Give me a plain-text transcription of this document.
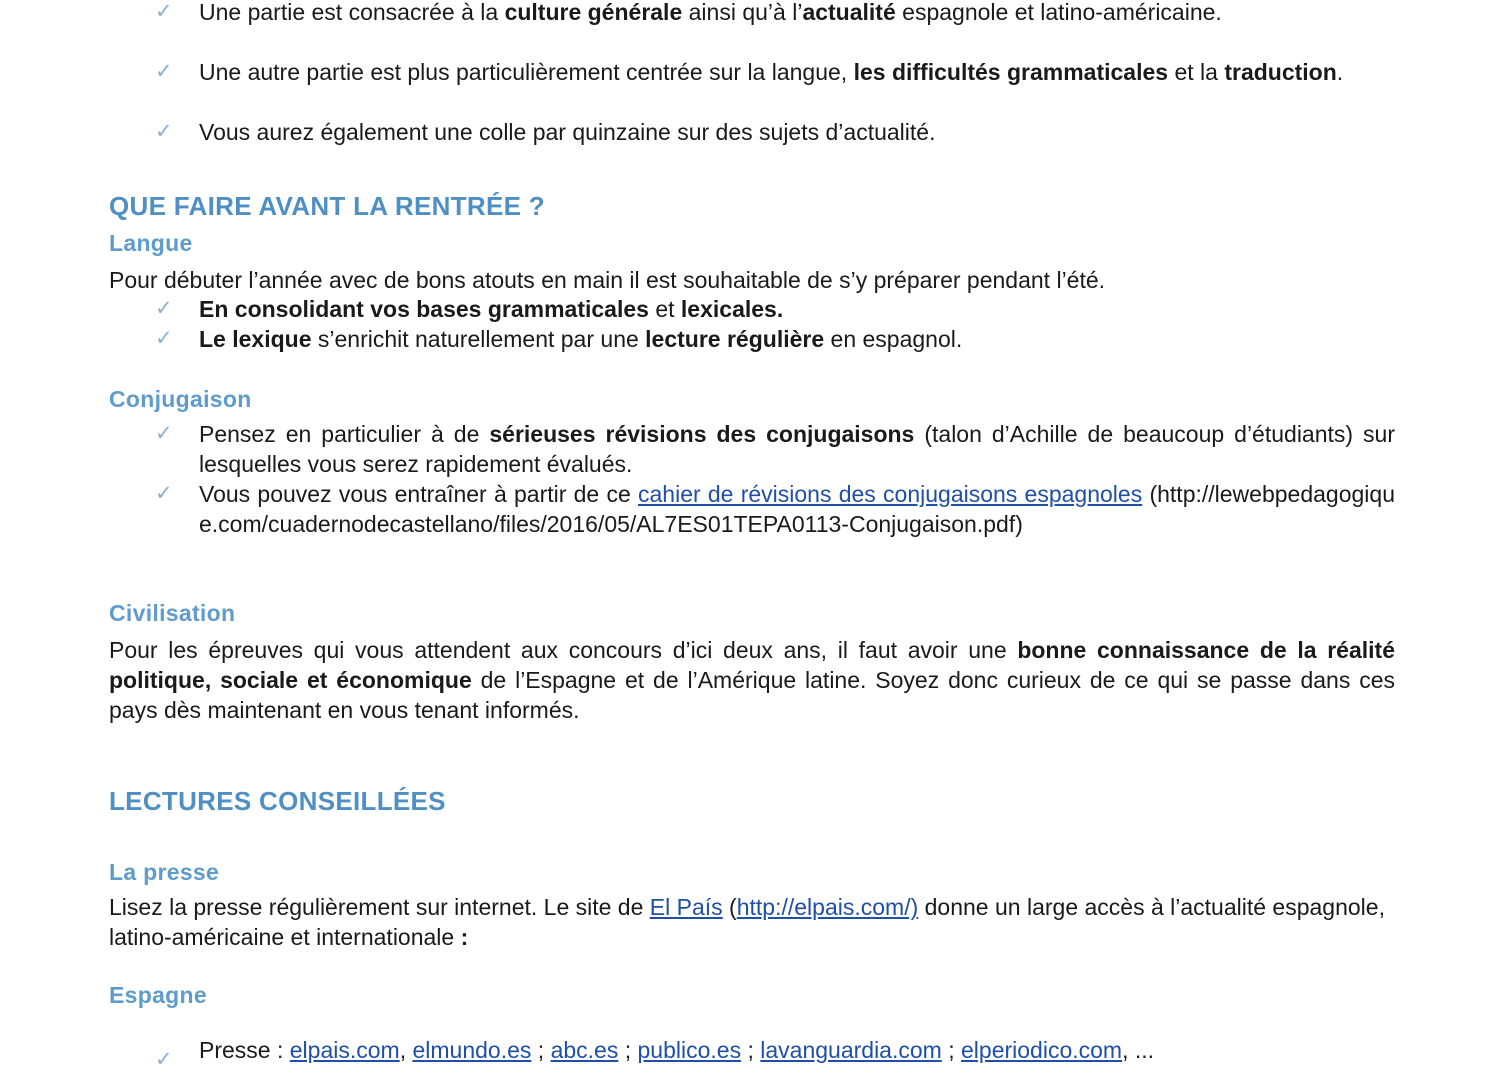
✓ Une partie est consacrée à la culture générale ainsi qu’à l’actualité espagnole et latino-américaine.
✓ Une autre partie est plus particulièrement centrée sur la langue, les difficultés grammaticales et la traduction.
✓ Vous aurez également une colle par quinzaine sur des sujets d’actualité.
QUE FAIRE AVANT LA RENTRÉE ?
Langue
Pour débuter l’année avec de bons atouts en main il est souhaitable de s’y préparer pendant l’été.
✓ En consolidant vos bases grammaticales et lexicales.
✓ Le lexique s’enrichit naturellement par une lecture régulière en espagnol.
Conjugaison
✓ Pensez en particulier à de sérieuses révisions des conjugaisons (talon d’Achille de beaucoup d’étudiants) sur lesquelles vous serez rapidement évalués.
✓ Vous pouvez vous entraîner à partir de ce cahier de révisions des conjugaisons espagnoles (http://lewebpedagogique.com/cuadernodecastellano/files/2016/05/AL7ES01TEPA0113-Conjugaison.pdf)
Civilisation
Pour les épreuves qui vous attendent aux concours d’ici deux ans, il faut avoir une bonne connaissance de la réalité politique, sociale et économique de l’Espagne et de l’Amérique latine. Soyez donc curieux de ce qui se passe dans ces pays dès maintenant en vous tenant informés.
LECTURES CONSEILLÉES
La presse
Lisez la presse régulièrement sur internet. Le site de El País (http://elpais.com/) donne un large accès à l’actualité espagnole, latino-américaine et internationale :
Espagne
✓ Presse : elpais.com, elmundo.es ; abc.es ; publico.es ; lavanguardia.com ; elperiodico.com, ...
